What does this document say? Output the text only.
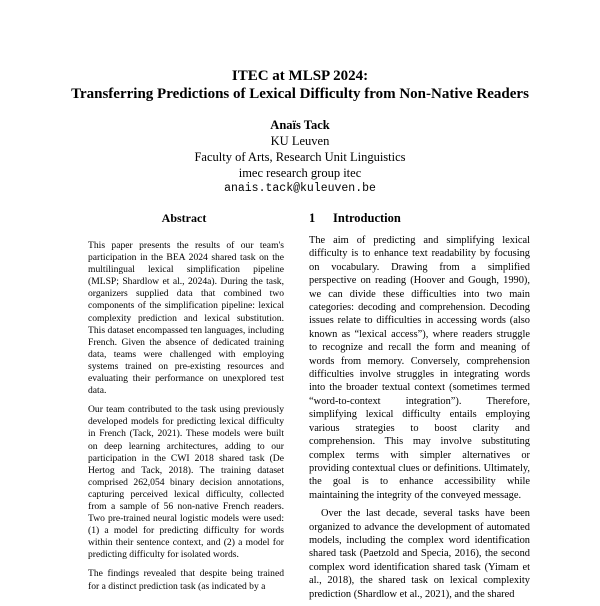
ITEC at MLSP 2024:
Transferring Predictions of Lexical Difficulty from Non-Native Readers
Anaïs Tack
KU Leuven
Faculty of Arts, Research Unit Linguistics
imec research group itec
anais.tack@kuleuven.be
Abstract

This paper presents the results of our team's participation in the BEA 2024 shared task on the multilingual lexical simplification pipeline (MLSP; Shardlow et al., 2024a). During the task, organizers supplied data that combined two components of the simplification pipeline: lexical complexity prediction and lexical substitution. This dataset encompassed ten languages, including French. Given the absence of dedicated training data, teams were challenged with employing systems trained on pre-existing resources and evaluating their performance on unexplored test data.

Our team contributed to the task using previously developed models for predicting lexical difficulty in French (Tack, 2021). These models were built on deep learning architectures, adding to our participation in the CWI 2018 shared task (De Hertog and Tack, 2018). The training dataset comprised 262,054 binary decision annotations, capturing perceived lexical difficulty, collected from a sample of 56 non-native French readers. Two pre-trained neural logistic models were used: (1) a model for predicting difficulty for words within their sentence context, and (2) a model for predicting difficulty for isolated words.

The findings revealed that despite being trained for a distinct prediction task (as indicated by a

1 Introduction

The aim of predicting and simplifying lexical difficulty is to enhance text readability by focusing on vocabulary. Drawing from a simplified perspective on reading (Hoover and Gough, 1990), we can divide these difficulties into two main categories: decoding and comprehension. Decoding issues relate to difficulties in accessing words (also known as “lexical access”), where readers struggle to recognize and recall the form and meaning of words from memory. Conversely, comprehension difficulties involve struggles in integrating words into the broader textual context (sometimes termed “word-to-context integration”). Therefore, simplifying lexical difficulty entails employing various strategies to boost clarity and comprehension. This may involve substituting complex terms with simpler alternatives or providing contextual clues or definitions. Ultimately, the goal is to enhance accessibility while maintaining the integrity of the conveyed message.

Over the last decade, several tasks have been organized to advance the development of automated models, including the complex word identification shared task (Paetzold and Specia, 2016), the second complex word identification shared task (Yimam et al., 2018), the shared task on lexical complexity prediction (Shardlow et al., 2021), and the shared
